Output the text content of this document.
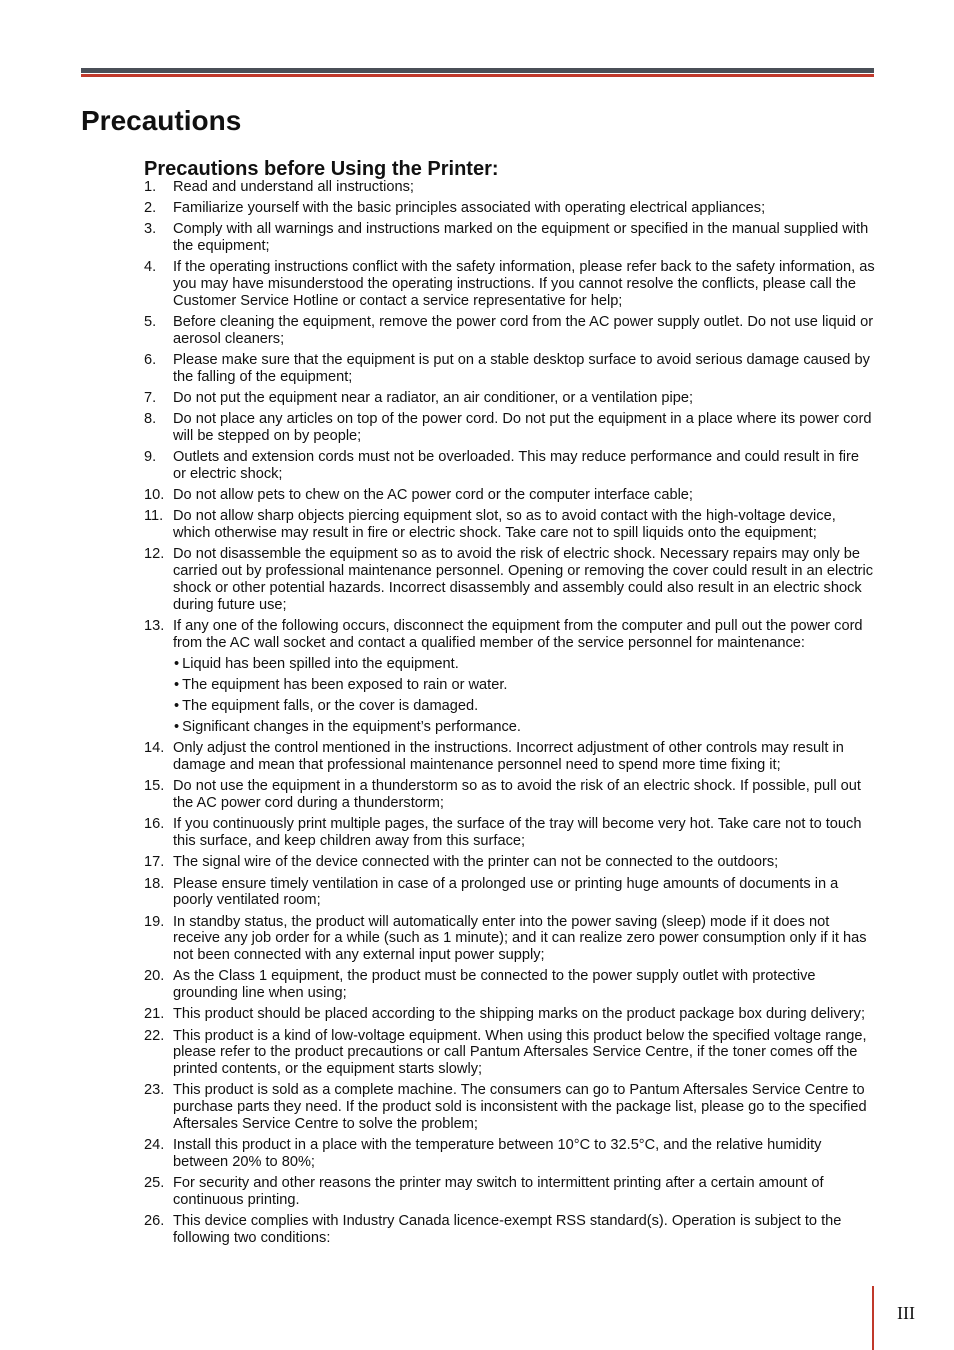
Precautions
Precautions before Using the Printer:
1. Read and understand all instructions;
2. Familiarize yourself with the basic principles associated with operating electrical appliances;
3. Comply with all warnings and instructions marked on the equipment or specified in the manual supplied with the equipment;
4. If the operating instructions conflict with the safety information, please refer back to the safety information, as you may have misunderstood the operating instructions. If you cannot resolve the conflicts, please call the Customer Service Hotline or contact a service representative for help;
5. Before cleaning the equipment, remove the power cord from the AC power supply outlet. Do not use liquid or aerosol cleaners;
6. Please make sure that the equipment is put on a stable desktop surface to avoid serious damage caused by the falling of the equipment;
7. Do not put the equipment near a radiator, an air conditioner, or a ventilation pipe;
8. Do not place any articles on top of the power cord. Do not put the equipment in a place where its power cord will be stepped on by people;
9. Outlets and extension cords must not be overloaded. This may reduce performance and could result in fire or electric shock;
10. Do not allow pets to chew on the AC power cord or the computer interface cable;
11. Do not allow sharp objects piercing equipment slot, so as to avoid contact with the high-voltage device, which otherwise may result in fire or electric shock. Take care not to spill liquids onto the equipment;
12. Do not disassemble the equipment so as to avoid the risk of electric shock. Necessary repairs may only be carried out by professional maintenance personnel. Opening or removing the cover could result in an electric shock or other potential hazards. Incorrect disassembly and assembly could also result in an electric shock during future use;
13. If any one of the following occurs, disconnect the equipment from the computer and pull out the power cord from the AC wall socket and contact a qualified member of the service personnel for maintenance:
• Liquid has been spilled into the equipment.
• The equipment has been exposed to rain or water.
• The equipment falls, or the cover is damaged.
• Significant changes in the equipment’s performance.
14. Only adjust the control mentioned in the instructions. Incorrect adjustment of other controls may result in damage and mean that professional maintenance personnel need to spend more time fixing it;
15. Do not use the equipment in a thunderstorm so as to avoid the risk of an electric shock. If possible, pull out the AC power cord during a thunderstorm;
16. If you continuously print multiple pages, the surface of the tray will become very hot. Take care not to touch this surface, and keep children away from this surface;
17. The signal wire of the device connected with the printer can not be connected to the outdoors;
18. Please ensure timely ventilation in case of a prolonged use or printing huge amounts of documents in a poorly ventilated room;
19. In standby status, the product will automatically enter into the power saving (sleep) mode if it does not receive any job order for a while (such as 1 minute); and it can realize zero power consumption only if it has not been connected with any external input power supply;
20. As the Class 1 equipment, the product must be connected to the power supply outlet with protective grounding line when using;
21. This product should be placed according to the shipping marks on the product package box during delivery;
22. This product is a kind of low-voltage equipment. When using this product below the specified voltage range, please refer to the product precautions or call Pantum Aftersales Service Centre, if the toner comes off the printed contents, or the equipment starts slowly;
23. This product is sold as a complete machine. The consumers can go to Pantum Aftersales Service Centre to purchase parts they need. If the product sold is inconsistent with the package list, please go to the specified Aftersales Service Centre to solve the problem;
24. Install this product in a place with the temperature between 10°C to 32.5°C, and the relative humidity between 20% to 80%;
25. For security and other reasons the printer may switch to intermittent printing after a certain amount of continuous printing.
26. This device complies with Industry Canada licence-exempt RSS standard(s). Operation is subject to the following two conditions:
III
